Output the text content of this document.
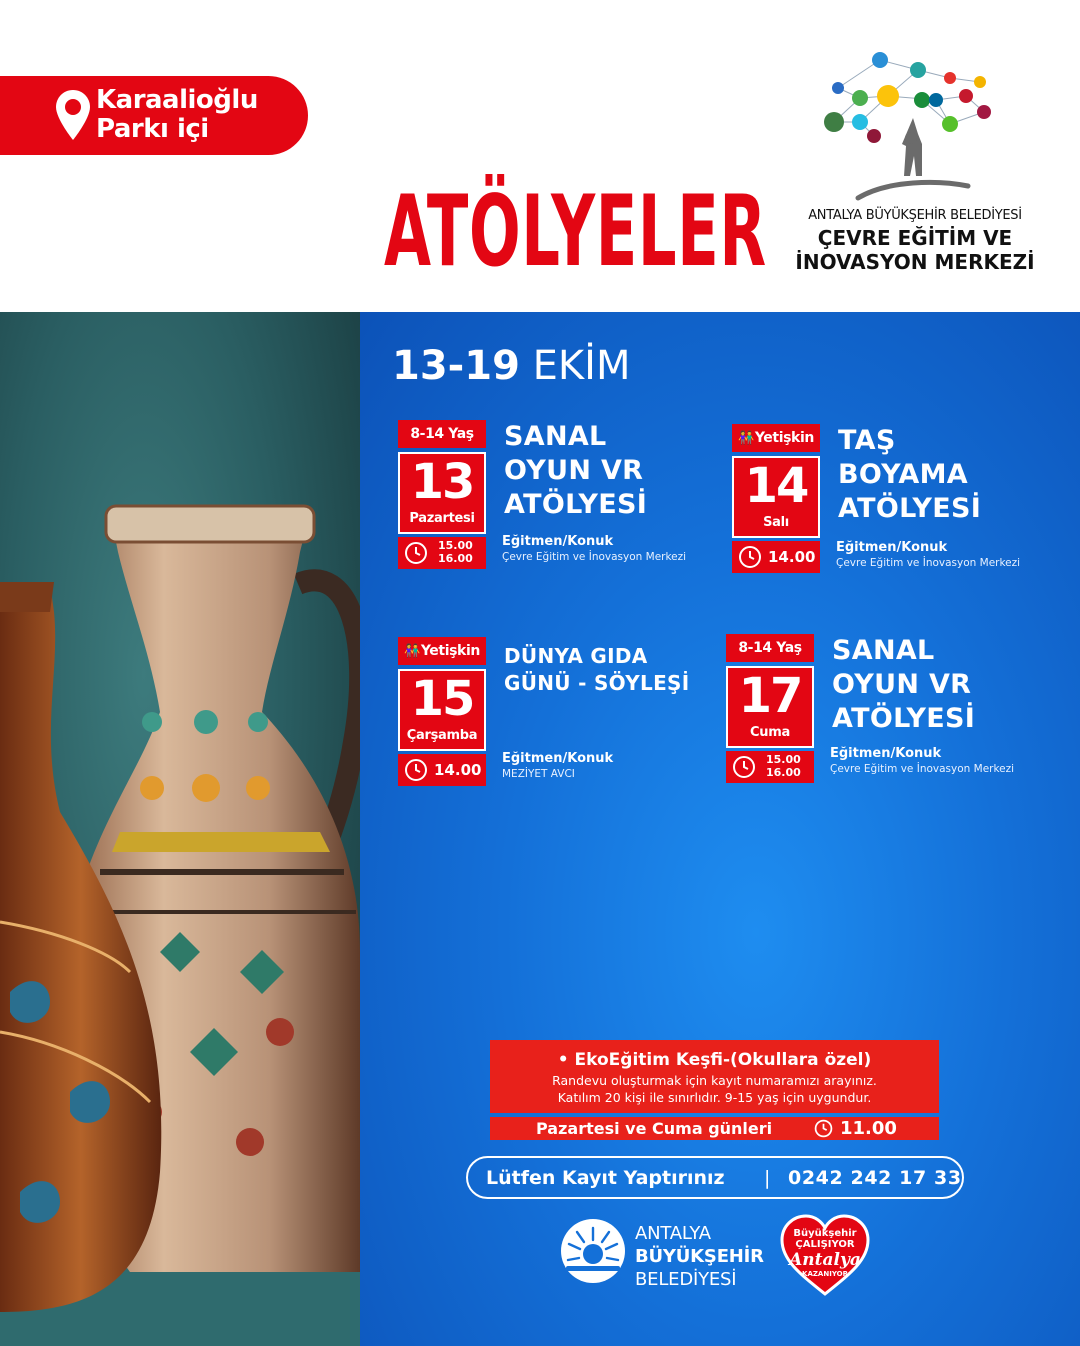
Karaalioğlu
Parkı içi
ATÖLYELER	ANTALYA BÜYÜKŞEHİR BELEDİYESİ
ÇEVRE EĞİTİM VE
İNOVASYON MERKEZİ
13-19 EKİM
8-14 Yaş
13
Pazartesi
15.00
16.00
SANAL
OYUN VR
ATÖLYESİ
Eğitmen/Konuk
Çevre Eğitim ve İnovasyon Merkezi
👫Yetişkin
14
Salı
14.00
TAŞ
BOYAMA
ATÖLYESİ
Eğitmen/Konuk
Çevre Eğitim ve İnovasyon Merkezi
👫Yetişkin
15
Çarşamba
14.00
DÜNYA GIDA
GÜNÜ - SÖYLEŞİ
Eğitmen/Konuk
MEZİYET AVCI
8-14 Yaş
17
Cuma
15.00
16.00
SANAL
OYUN VR
ATÖLYESİ
Eğitmen/Konuk
Çevre Eğitim ve İnovasyon Merkezi
• EkoEğitim Keşfi-(Okullara özel)
Randevu oluşturmak için kayıt numaramızı arayınız.
Katılım 20 kişi ile sınırlıdır. 9-15 yaş için uygundur.
Pazartesi ve Cuma günleri	11.00
Lütfen Kayıt Yaptırınız | 0242 242 17 33
ANTALYA
BÜYÜKŞEHİR
BELEDİYESİ
Büyükşehir
ÇALIŞIYOR
Antalya
KAZANIYOR
